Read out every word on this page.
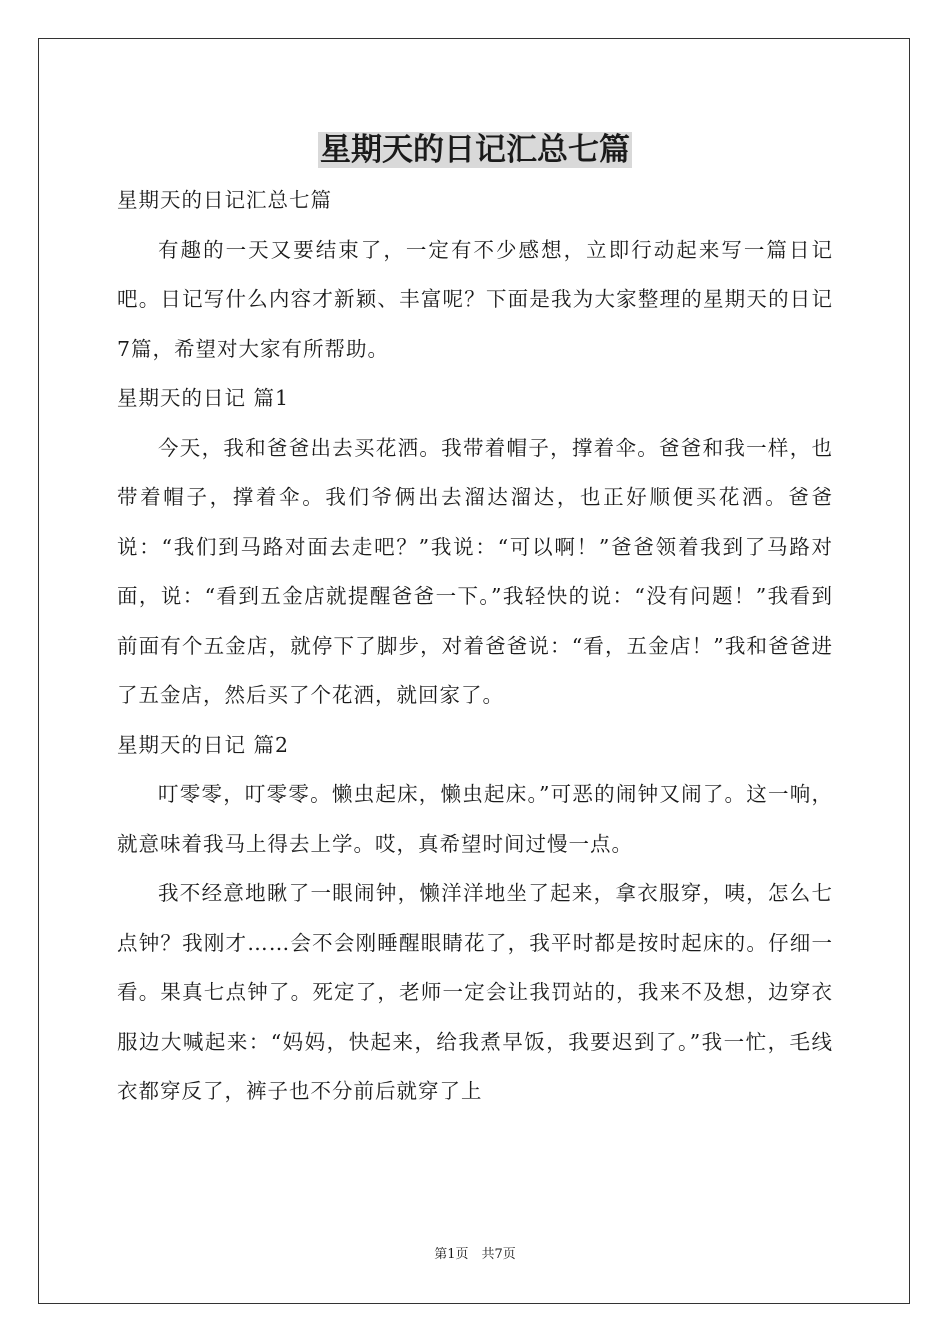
星期天的日记汇总七篇

星期天的日记汇总七篇

有趣的一天又要结束了，一定有不少感想，立即行动起来写一篇日记吧。日记写什么内容才新颖、丰富呢？下面是我为大家整理的星期天的日记7篇，希望对大家有所帮助。

星期天的日记 篇1

今天，我和爸爸出去买花洒。我带着帽子，撑着伞。爸爸和我一样，也带着帽子，撑着伞。我们爷俩出去溜达溜达，也正好顺便买花洒。爸爸说：“我们到马路对面去走吧？”我说：“可以啊！”爸爸领着我到了马路对面，说：“看到五金店就提醒爸爸一下。”我轻快的说：“没有问题！”我看到前面有个五金店，就停下了脚步，对着爸爸说：“看，五金店！”我和爸爸进了五金店，然后买了个花洒，就回家了。

星期天的日记 篇2

叮零零，叮零零。懒虫起床，懒虫起床。”可恶的闹钟又闹了。这一响，就意味着我马上得去上学。哎，真希望时间过慢一点。

我不经意地瞅了一眼闹钟，懒洋洋地坐了起来，拿衣服穿，咦，怎么七点钟？我刚才……会不会刚睡醒眼睛花了，我平时都是按时起床的。仔细一看。果真七点钟了。死定了，老师一定会让我罚站的，我来不及想，边穿衣服边大喊起来：“妈妈，快起来，给我煮早饭，我要迟到了。”我一忙，毛线衣都穿反了，裤子也不分前后就穿了上

第1页　共7页
